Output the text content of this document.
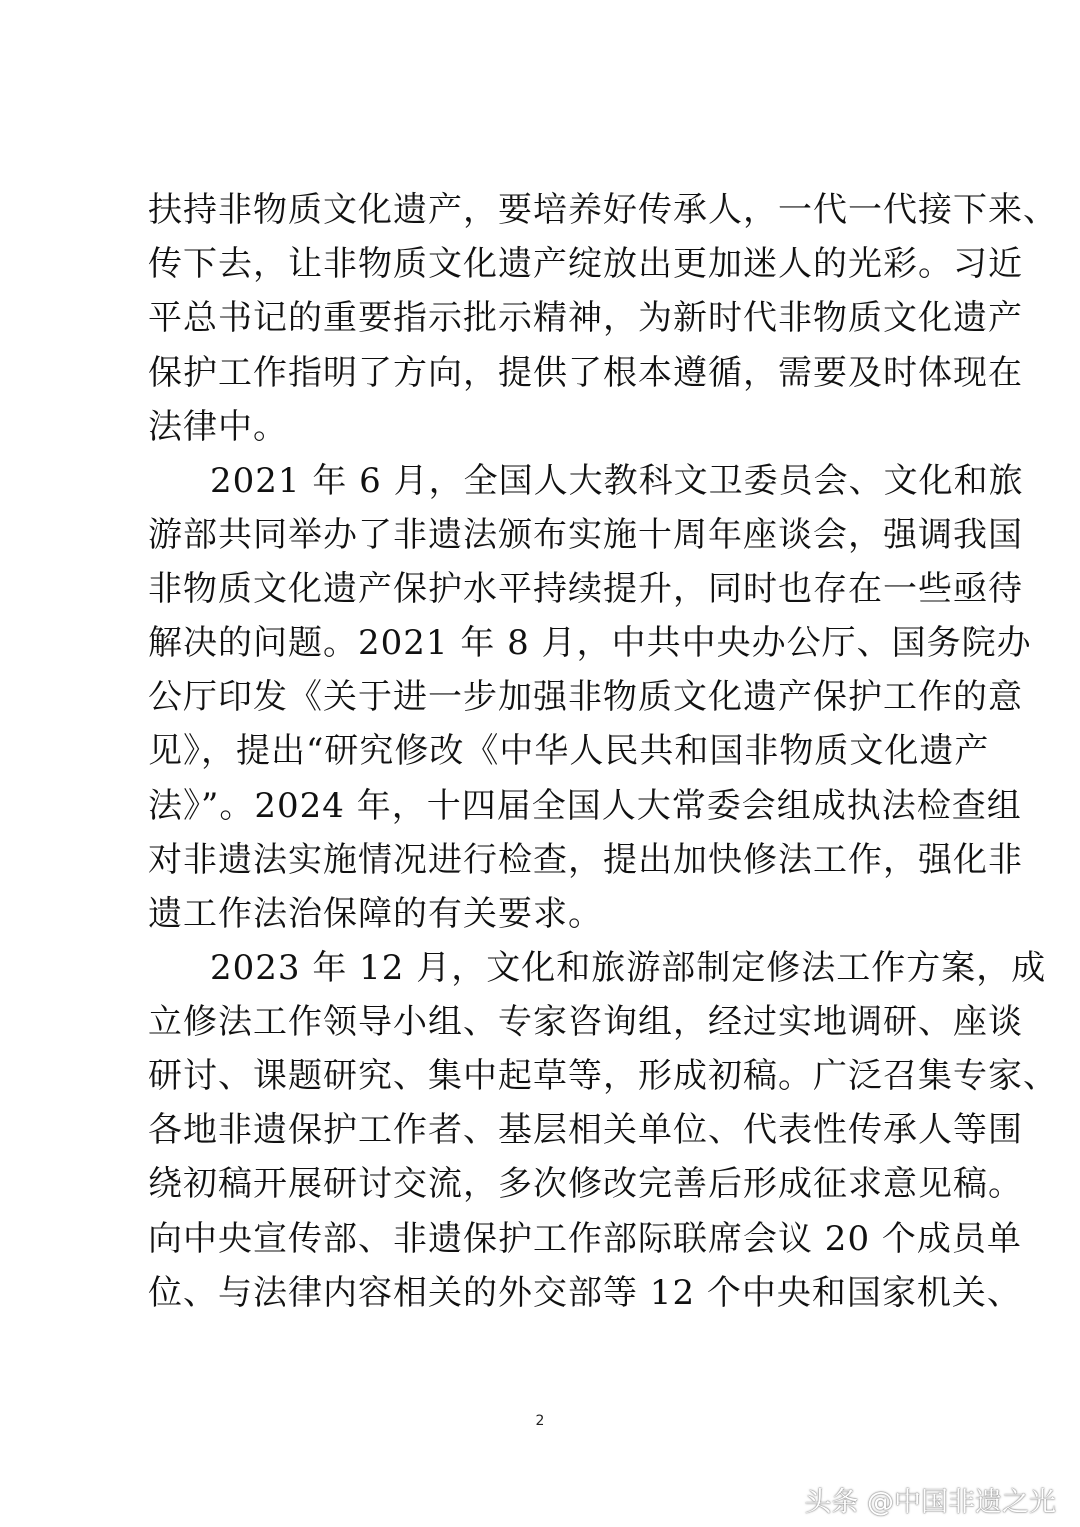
扶持非物质文化遗产，要培养好传承人，一代一代接下来、
传下去，让非物质文化遗产绽放出更加迷人的光彩。习近
平总书记的重要指示批示精神，为新时代非物质文化遗产
保护工作指明了方向，提供了根本遵循，需要及时体现在
法律中。
2021 年 6 月，全国人大教科文卫委员会、文化和旅
游部共同举办了非遗法颁布实施十周年座谈会，强调我国
非物质文化遗产保护水平持续提升，同时也存在一些亟待
解决的问题。2021 年 8 月，中共中央办公厅、国务院办
公厅印发《关于进一步加强非物质文化遗产保护工作的意
见》，提出“研究修改《中华人民共和国非物质文化遗产
法》”。2024 年，十四届全国人大常委会组成执法检查组
对非遗法实施情况进行检查，提出加快修法工作，强化非
遗工作法治保障的有关要求。
2023 年 12 月，文化和旅游部制定修法工作方案，成
立修法工作领导小组、专家咨询组，经过实地调研、座谈
研讨、课题研究、集中起草等，形成初稿。广泛召集专家、
各地非遗保护工作者、基层相关单位、代表性传承人等围
绕初稿开展研讨交流，多次修改完善后形成征求意见稿。
向中央宣传部、非遗保护工作部际联席会议 20 个成员单
位、与法律内容相关的外交部等 12 个中央和国家机关、
2
头条 @中国非遗之光
